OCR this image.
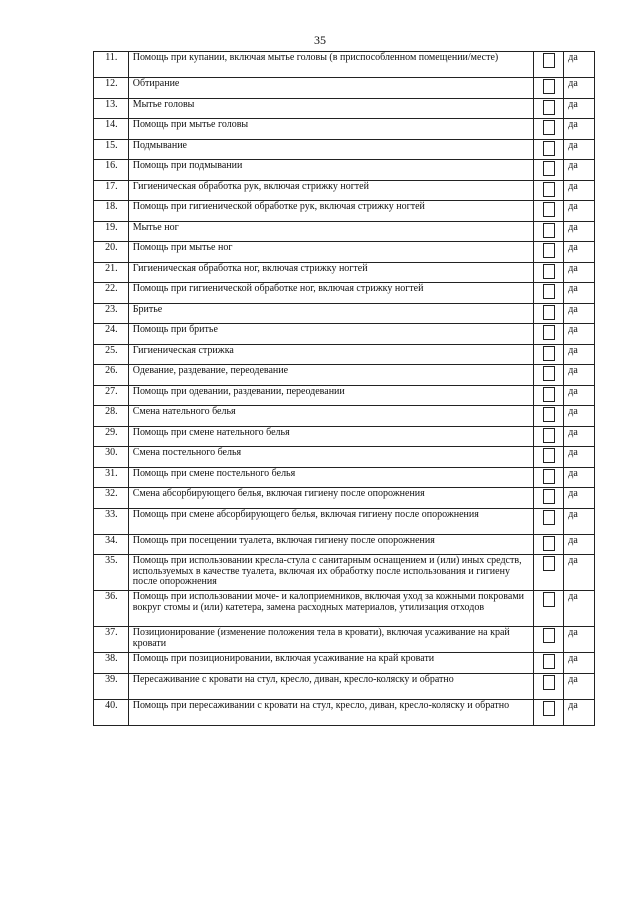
35
11.	Помощь при купании, включая мытье головы (в приспособленном помещении/месте)		да
12.	Обтирание		да
13.	Мытье головы		да
14.	Помощь при мытье головы		да
15.	Подмывание		да
16.	Помощь при подмывании		да
17.	Гигиеническая обработка рук, включая стрижку ногтей		да
18.	Помощь при гигиенической обработке рук, включая стрижку ногтей		да
19.	Мытье ног		да
20.	Помощь при мытье ног		да
21.	Гигиеническая обработка ног, включая стрижку ногтей		да
22.	Помощь при гигиенической обработке ног, включая стрижку ногтей		да
23.	Бритье		да
24.	Помощь при бритье		да
25.	Гигиеническая стрижка		да
26.	Одевание, раздевание, переодевание		да
27.	Помощь при одевании, раздевании, переодевании		да
28.	Смена нательного белья		да
29.	Помощь при смене нательного белья		да
30.	Смена постельного белья		да
31.	Помощь при смене постельного белья		да
32.	Смена абсорбирующего белья, включая гигиену после опорожнения		да
33.	Помощь при смене абсорбирующего белья, включая гигиену после опорожнения		да
34.	Помощь при посещении туалета, включая гигиену после опорожнения		да
35.	Помощь при использовании кресла-стула с санитарным оснащением и (или) иных средств, используемых в качестве туалета, включая их обработку после использования и гигиену после опорожнения		да
36.	Помощь при использовании моче- и калоприемников, включая уход за кожными покровами вокруг стомы и (или) катетера, замена расходных материалов, утилизация отходов		да
37.	Позиционирование (изменение положения тела в кровати), включая усаживание на край кровати		да
38.	Помощь при позиционировании, включая усаживание на край кровати		да
39.	Пересаживание с кровати на стул, кресло, диван, кресло-коляску и обратно		да
40.	Помощь при пересаживании с кровати на стул, кресло, диван, кресло-коляску и обратно		да
